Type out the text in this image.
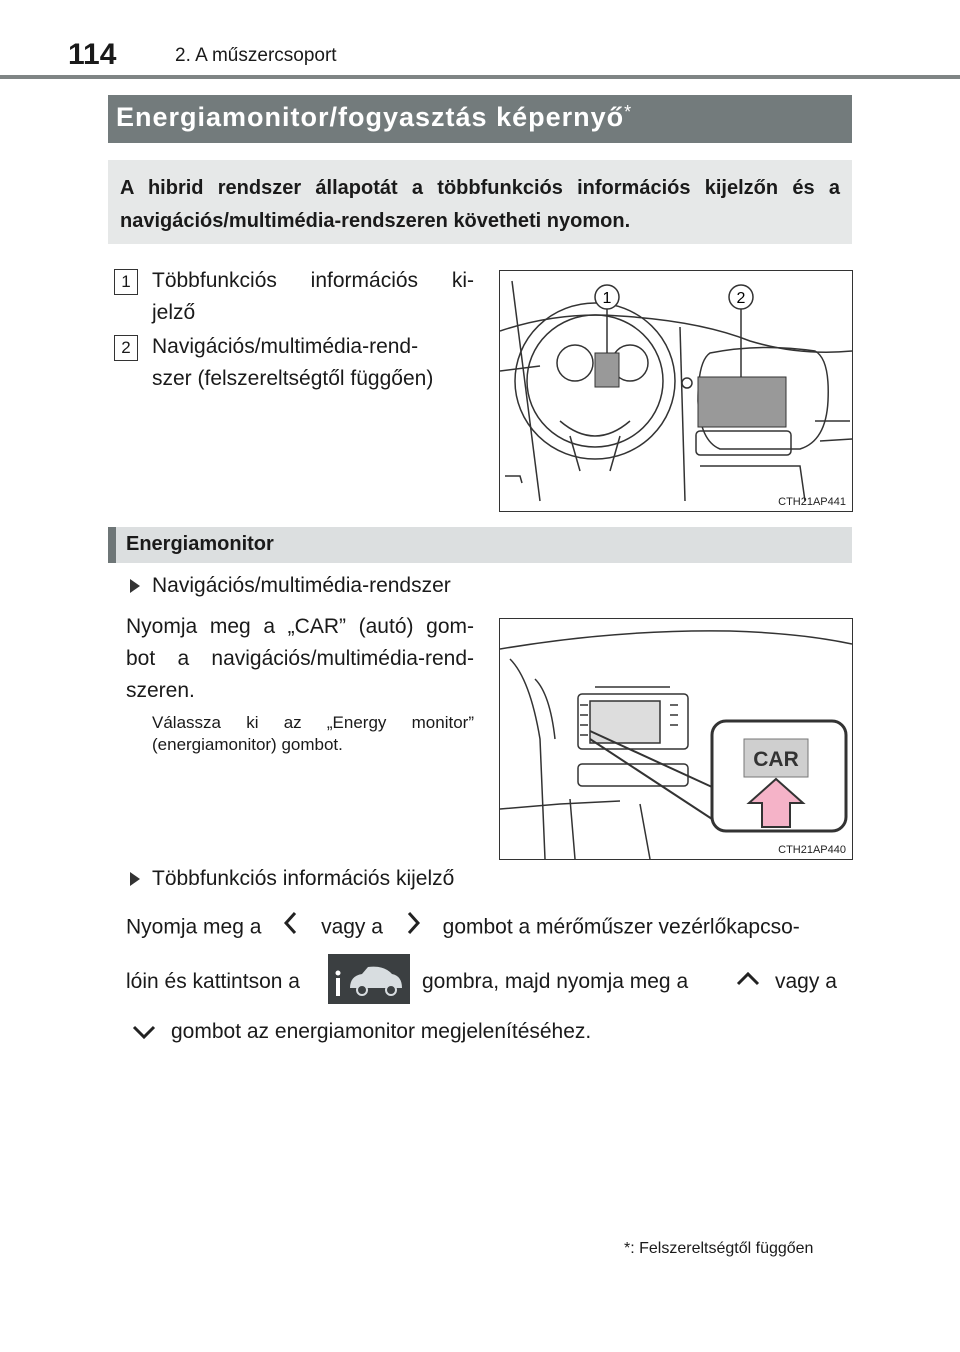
114	2. A műszercsoport
Energiamonitor/fogyasztás képernyő*
A hibrid rendszer állapotát a többfunkciós információs kijelzőn és a navigációs/multimédia-rendszeren követheti nyomon.
1	Többfunkciós információs ki-
jelző
2	Navigációs/multimédia-rend-
szer (felszereltségtől függően)
1	2
CTH21AP441
Energiamonitor
Navigációs/multimédia-rendszer
Nyomja meg a „CAR” (autó) gom-
bot a navigációs/multimédia-rend-
szeren.
Válassza ki az „Energy monitor”
(energiamonitor) gombot.
CAR
CTH21AP440
Többfunkciós információs kijelző
Nyomja meg a	vagy a	gombot a mérőműszer vezérlőkapcso-
lóin és kattintson a	gombra, majd nyomja meg a	vagy a
gombot az energiamonitor megjelenítéséhez.
*: Felszereltségtől függően
